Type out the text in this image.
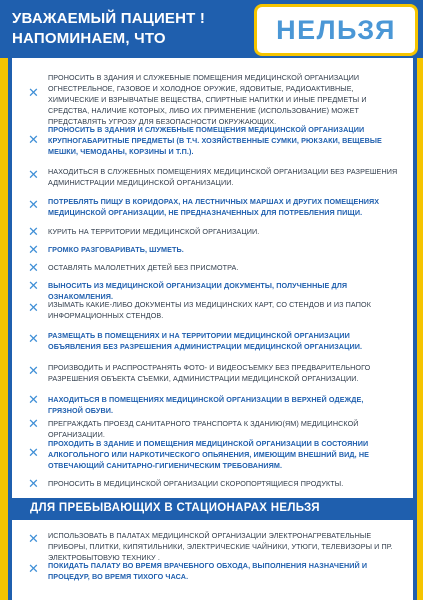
УВАЖАЕМЫЙ ПАЦИЕНТ !
НАПОМИНАЕМ, ЧТО	НЕЛЬЗЯ
✕
ПРОНОСИТЬ В ЗДАНИЯ И СЛУЖЕБНЫЕ ПОМЕЩЕНИЯ МЕДИЦИНСКОЙ ОРГАНИЗАЦИИ ОГНЕСТРЕЛЬНОЕ, ГАЗОВОЕ И ХОЛОДНОЕ ОРУЖИЕ, ЯДОВИТЫЕ, РАДИОАКТИВНЫЕ, ХИМИЧЕСКИЕ И ВЗРЫВЧАТЫЕ ВЕЩЕСТВА, СПИРТНЫЕ НАПИТКИ И ИНЫЕ ПРЕДМЕТЫ И СРЕДСТВА, НАЛИЧИЕ КОТОРЫХ, ЛИБО ИХ ПРИМЕНЕНИЕ (ИСПОЛЬЗОВАНИЕ) МОЖЕТ ПРЕДСТАВЛЯТЬ УГРОЗУ ДЛЯ БЕЗОПАСНОСТИ ОКРУЖАЮЩИХ.
✕
ПРОНОСИТЬ В ЗДАНИЯ И СЛУЖЕБНЫЕ ПОМЕЩЕНИЯ МЕДИЦИНСКОЙ ОРГАНИЗАЦИИ КРУПНОГАБАРИТНЫЕ ПРЕДМЕТЫ (В Т.Ч. ХОЗЯЙСТВЕННЫЕ СУМКИ, РЮКЗАКИ, ВЕЩЕВЫЕ МЕШКИ, ЧЕМОДАНЫ, КОРЗИНЫ И Т.П.).
✕ НАХОДИТЬСЯ В СЛУЖЕБНЫХ ПОМЕЩЕНИЯХ МЕДИЦИНСКОЙ ОРГАНИЗАЦИИ БЕЗ РАЗРЕШЕНИЯ АДМИНИСТРАЦИИ МЕДИЦИНСКОЙ ОРГАНИЗАЦИИ.
✕ ПОТРЕБЛЯТЬ ПИЩУ В КОРИДОРАХ, НА ЛЕСТНИЧНЫХ МАРШАХ И ДРУГИХ ПОМЕЩЕНИЯХ МЕДИЦИНСКОЙ ОРГАНИЗАЦИИ, НЕ ПРЕДНАЗНАЧЕННЫХ ДЛЯ ПОТРЕБЛЕНИЯ ПИЩИ.
✕ КУРИТЬ НА ТЕРРИТОРИИ МЕДИЦИНСКОЙ ОРГАНИЗАЦИИ.
✕ ГРОМКО РАЗГОВАРИВАТЬ, ШУМЕТЬ.
✕ ОСТАВЛЯТЬ МАЛОЛЕТНИХ ДЕТЕЙ БЕЗ ПРИСМОТРА.
✕ ВЫНОСИТЬ ИЗ МЕДИЦИНСКОЙ ОРГАНИЗАЦИИ ДОКУМЕНТЫ, ПОЛУЧЕННЫЕ ДЛЯ ОЗНАКОМЛЕНИЯ.
✕ ИЗЫМАТЬ КАКИЕ-ЛИБО ДОКУМЕНТЫ ИЗ МЕДИЦИНСКИХ КАРТ, СО СТЕНДОВ И ИЗ ПАПОК ИНФОРМАЦИОННЫХ СТЕНДОВ.
✕ РАЗМЕЩАТЬ В ПОМЕЩЕНИЯХ И НА ТЕРРИТОРИИ МЕДИЦИНСКОЙ ОРГАНИЗАЦИИ ОБЪЯВЛЕНИЯ БЕЗ РАЗРЕШЕНИЯ АДМИНИСТРАЦИИ МЕДИЦИНСКОЙ ОРГАНИЗАЦИИ.
✕ ПРОИЗВОДИТЬ И РАСПРОСТРАНЯТЬ ФОТО- И ВИДЕОСЪЕМКУ БЕЗ ПРЕДВАРИТЕЛЬНОГО РАЗРЕШЕНИЯ ОБЪЕКТА СЪЕМКИ, АДМИНИСТРАЦИИ МЕДИЦИНСКОЙ ОРГАНИЗАЦИИ.
✕ НАХОДИТЬСЯ В ПОМЕЩЕНИЯХ МЕДИЦИНСКОЙ ОРГАНИЗАЦИИ В ВЕРХНЕЙ ОДЕЖДЕ, ГРЯЗНОЙ ОБУВИ.
✕ ПРЕГРАЖДАТЬ ПРОЕЗД САНИТАРНОГО ТРАНСПОРТА К ЗДАНИЮ(ЯМ) МЕДИЦИНСКОЙ ОРГАНИЗАЦИИ.
✕
ПРОХОДИТЬ В ЗДАНИЕ И ПОМЕЩЕНИЯ МЕДИЦИНСКОЙ ОРГАНИЗАЦИИ В СОСТОЯНИИ АЛКОГОЛЬНОГО ИЛИ НАРКОТИЧЕСКОГО ОПЬЯНЕНИЯ, ИМЕЮЩИМ ВНЕШНИЙ ВИД, НЕ ОТВЕЧАЮЩИЙ САНИТАРНО-ГИГИЕНИЧЕСКИМ ТРЕБОВАНИЯМ.
✕ ПРОНОСИТЬ В МЕДИЦИНСКОЙ ОРГАНИЗАЦИИ СКОРОПОРТЯЩИЕСЯ ПРОДУКТЫ.
ДЛЯ ПРЕБЫВАЮЩИХ В СТАЦИОНАРАХ НЕЛЬЗЯ
✕ ИСПОЛЬЗОВАТЬ В ПАЛАТАХ МЕДИЦИНСКОЙ ОРГАНИЗАЦИИ ЭЛЕКТРОНАГРЕВАТЕЛЬНЫЕ ПРИБОРЫ, ПЛИТКИ, КИПЯТИЛЬНИКИ, ЭЛЕКТРИЧЕСКИЕ ЧАЙНИКИ, УТЮГИ, ТЕЛЕВИЗОРЫ И ПР. ЭЛЕКТРОБЫТОВУЮ ТЕХНИКУ .
✕ ПОКИДАТЬ ПАЛАТУ ВО ВРЕМЯ ВРАЧЕБНОГО ОБХОДА, ВЫПОЛНЕНИЯ НАЗНАЧЕНИЙ И ПРОЦЕДУР, ВО ВРЕМЯ ТИХОГО ЧАСА.
